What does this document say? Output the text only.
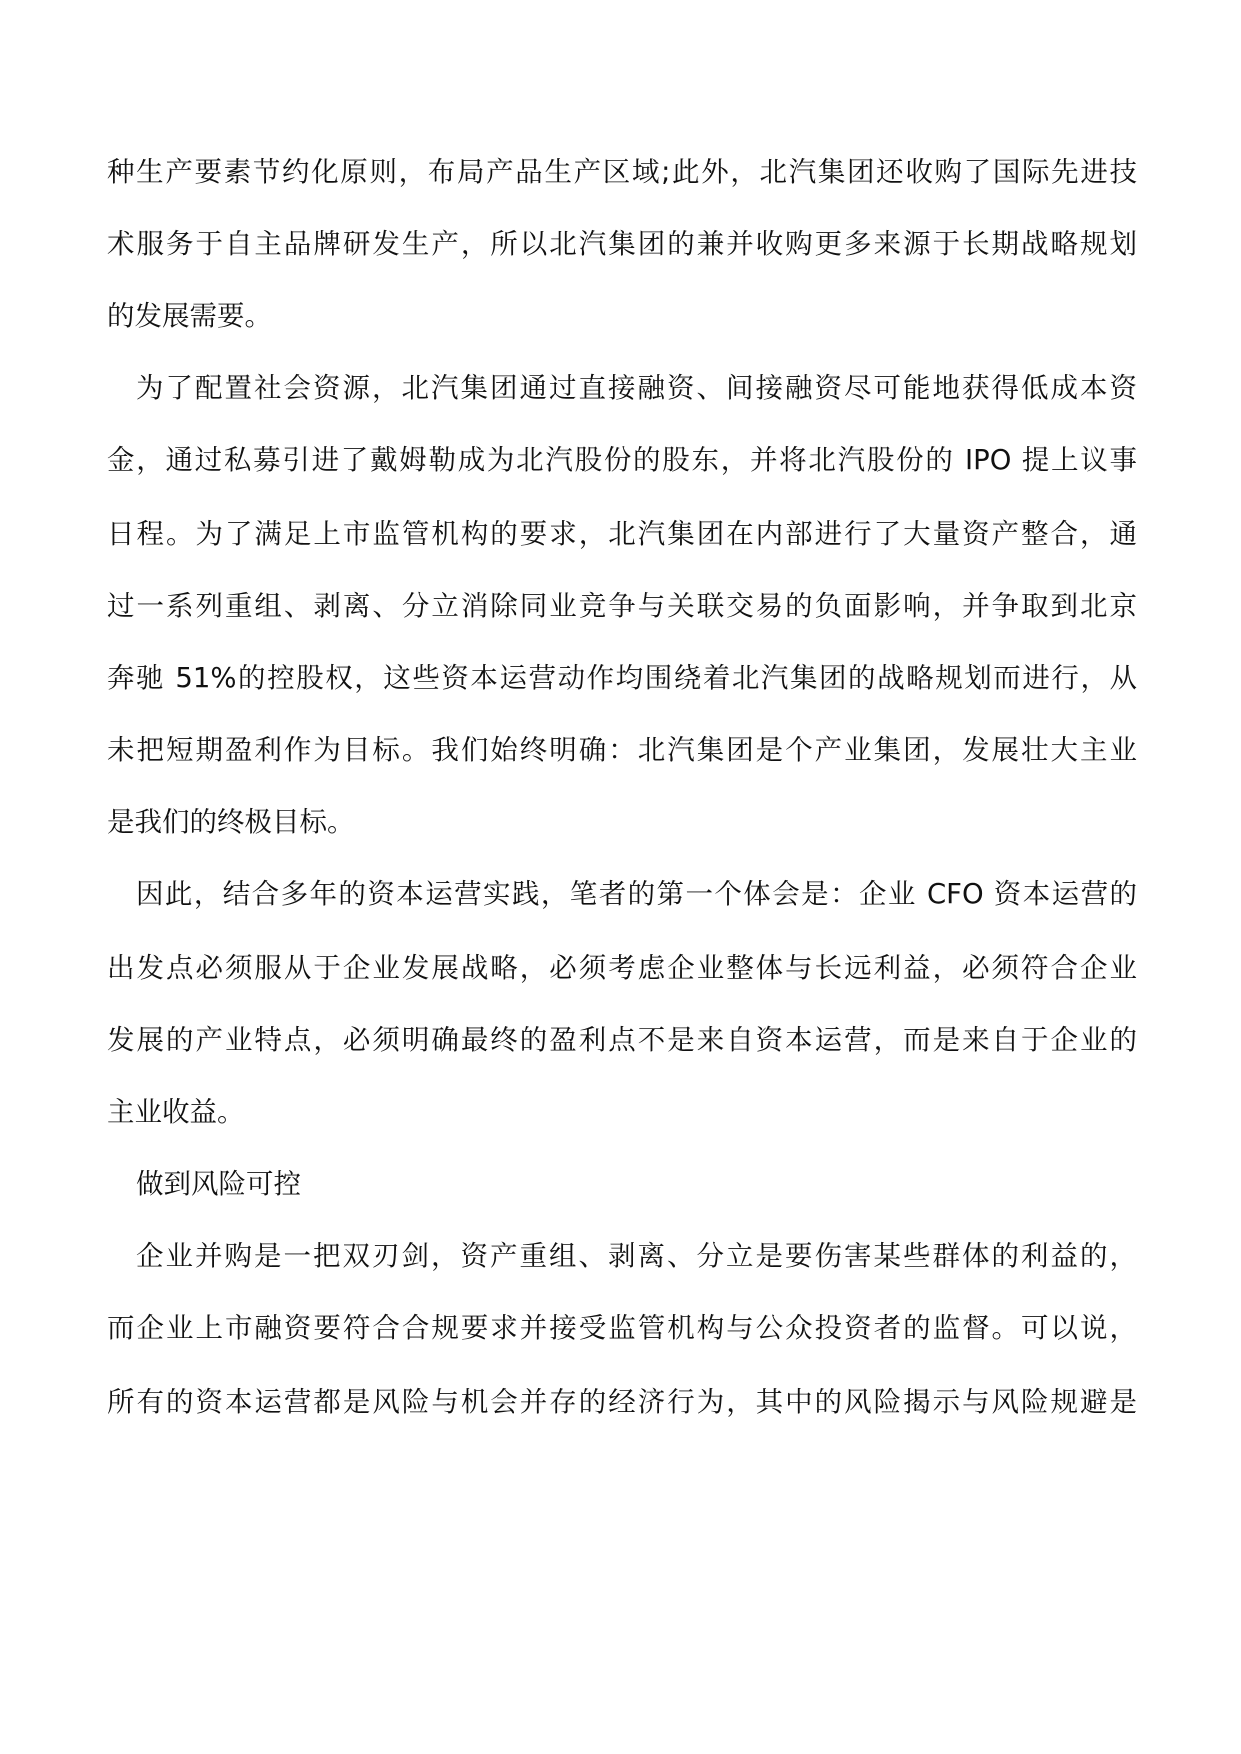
种生产要素节约化原则，布局产品生产区域;此外，北汽集团还收购了国际先进技
术服务于自主品牌研发生产，所以北汽集团的兼并收购更多来源于长期战略规划
的发展需要。
为了配置社会资源，北汽集团通过直接融资、间接融资尽可能地获得低成本资
金，通过私募引进了戴姆勒成为北汽股份的股东，并将北汽股份的 IPO 提上议事
日程。为了满足上市监管机构的要求，北汽集团在内部进行了大量资产整合，通
过一系列重组、剥离、分立消除同业竞争与关联交易的负面影响，并争取到北京
奔驰 51%的控股权，这些资本运营动作均围绕着北汽集团的战略规划而进行，从
未把短期盈利作为目标。我们始终明确：北汽集团是个产业集团，发展壮大主业
是我们的终极目标。
因此，结合多年的资本运营实践，笔者的第一个体会是：企业 CFO 资本运营的
出发点必须服从于企业发展战略，必须考虑企业整体与长远利益，必须符合企业
发展的产业特点，必须明确最终的盈利点不是来自资本运营，而是来自于企业的
主业收益。
做到风险可控
企业并购是一把双刃剑，资产重组、剥离、分立是要伤害某些群体的利益的，
而企业上市融资要符合合规要求并接受监管机构与公众投资者的监督。可以说，
所有的资本运营都是风险与机会并存的经济行为，其中的风险揭示与风险规避是
